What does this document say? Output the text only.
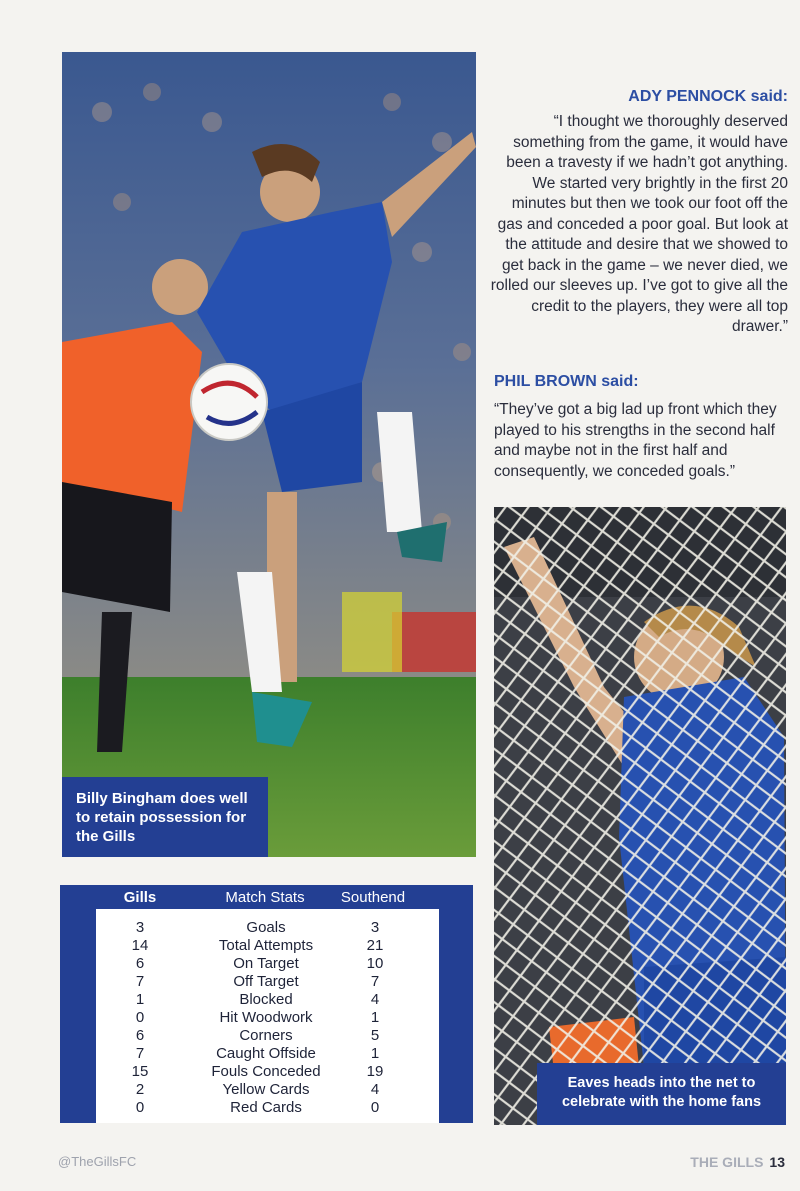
Billy Bingham does well to retain possession for the Gills
ADY PENNOCK said:
“I thought we thoroughly deserved something from the game, it would have been a travesty if we hadn’t got anything. We started very brightly in the first 20 minutes but then we took our foot off the gas and conceded a poor goal. But look at the attitude and desire that we showed to get back in the game – we never died, we rolled our sleeves up. I’ve got to give all the credit to the players, they were all top drawer.”
PHIL BROWN said:
“They’ve got a big lad up front which they played to his strengths in the second half and maybe not in the first half and consequently, we conceded goals.”
Eaves heads into the net to celebrate with the home fans
Gills	Match Stats	Southend
3	Goals	3
14	Total Attempts	21
6	On Target	10
7	Off Target	7
1	Blocked	4
0	Hit Woodwork	1
6	Corners	5
7	Caught Offside	1
15	Fouls Conceded	19
2	Yellow Cards	4
0	Red Cards	0
@TheGillsFC	THE GILLS 13
